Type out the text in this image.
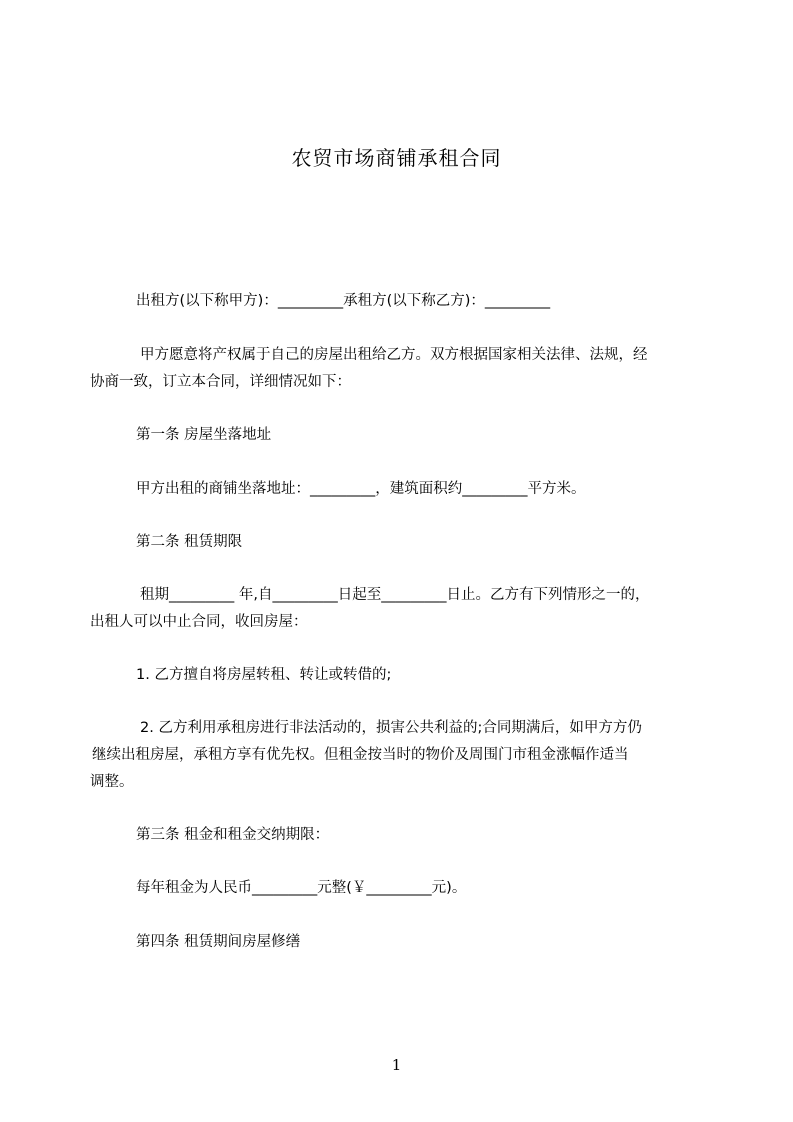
农贸市场商铺承租合同
出租方(以下称甲方)：_________承租方(以下称乙方)：_________
甲方愿意将产权属于自己的房屋出租给乙方。双方根据国家相关法律、法规，经
协商一致，订立本合同，详细情况如下：
第一条 房屋坐落地址
甲方出租的商铺坐落地址：_________，建筑面积约_________平方米。
第二条 租赁期限
租期_________ 年,自_________日起至_________日止。乙方有下列情形之一的，
出租人可以中止合同，收回房屋：
1. 乙方擅自将房屋转租、转让或转借的;
2. 乙方利用承租房进行非法活动的，损害公共利益的;合同期满后，如甲方方仍
继续出租房屋，承租方享有优先权。但租金按当时的物价及周围门市租金涨幅作适当
调整。
第三条 租金和租金交纳期限：
每年租金为人民币_________元整(￥_________元)。
第四条 租赁期间房屋修缮
1
